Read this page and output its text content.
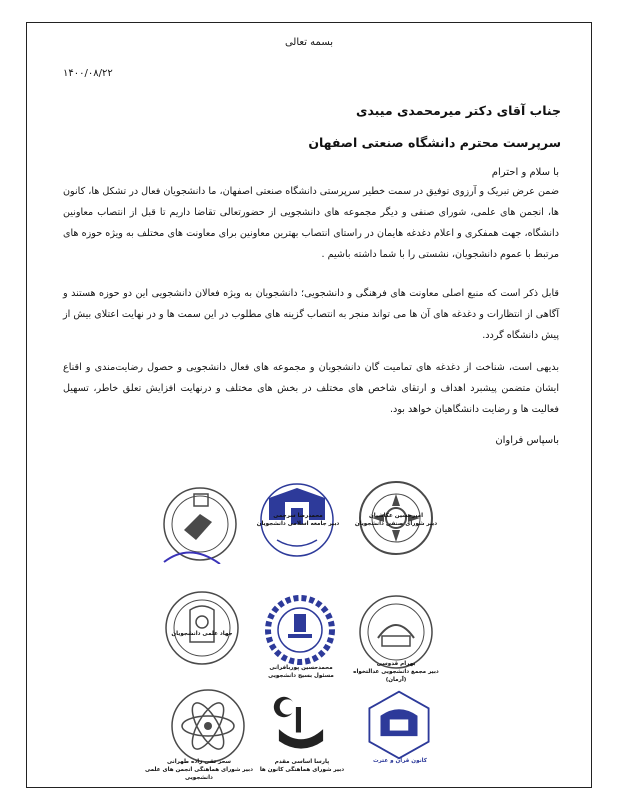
بسمه تعالی
۱۴۰۰/۰۸/۲۲
جناب آقای دکتر میرمحمدی میبدی
سرپرست محترم دانشگاه صنعتی اصفهان
با سلام و احترام
ضمن عرض تبریک و آرزوی توفیق در سمت خطیر سرپرستی دانشگاه صنعتی اصفهان، ما دانشجویان فعال در تشکل ها، کانون ها، انجمن های علمی، شورای صنفی و دیگر مجموعه های دانشجویی از حضورتعالی تقاضا داریم تا قبل از انتصاب معاونین دانشگاه، جهت همفکری و اعلام دغدغه هایمان در راستای انتصاب بهترین معاونین برای معاونت های مختلف به ویژه حوزه های مرتبط با عموم دانشجویان، نشستی را با شما داشته باشیم .
قابل ذکر است که منبع اصلی معاونت های فرهنگی و دانشجویی؛ دانشجویان به ویژه فعالان دانشجویی این دو حوزه هستند و آگاهی از انتظارات و دغدغه های آن ها می تواند منجر به انتصاب گزینه های مطلوب در این سمت ها و در نهایت اعتلای بیش از پیش دانشگاه گردد.
بدیهی است، شناخت از دغدغه های تمامیت گان دانشجویان و مجموعه های فعال دانشجویی و حصول رضایت‌مندی و اقناع ایشان متضمن پیشبرد اهداف و ارتقای شاخص های مختلف در بخش های مختلف و درنهایت افزایش تعلق خاطر، تسهیل فعالیت ها و رضایت دانشگاهیان خواهد بود.
باسپاس فراوان
امیرحسین عکاشیان
دبیر شورای صنفی دانشجویان
محمدرضا سرچمی
دبیر جامعه اسلامی دانشجویان
بهرام قدوسی
دبیر مجمع دانشجویی عدالتخواه (آرمان)
محمدحسین پوربافرانی
مسئول بسیج دانشجویی
جهاد علمی دانشجویان
کانون قرآن و عترت
پارسا اساسی مقدم
دبیر شورای هماهنگی کانون ها
سحر تقی زاده طهرانی
دبیر شورای هماهنگی انجمن های علمی دانشجویی
